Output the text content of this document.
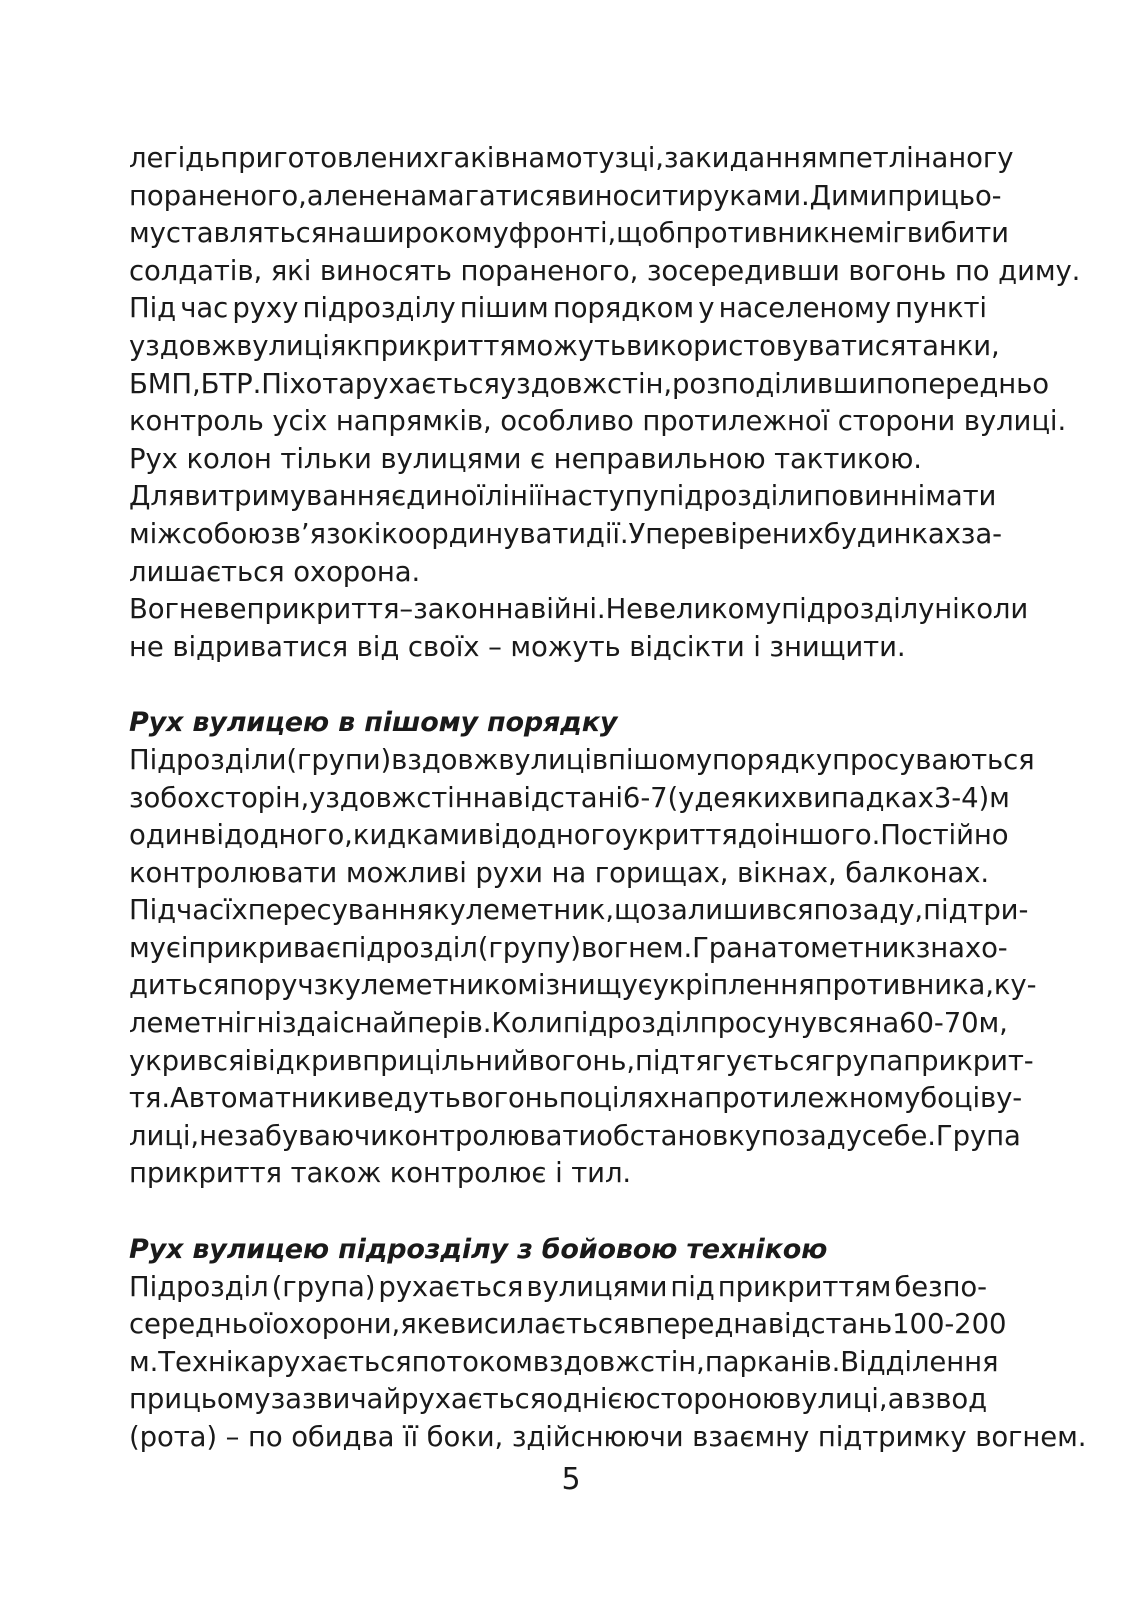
легідь приготовлених гаків на мотузці, закиданням петлі на ногу
пораненого, але не намагатися виносити руками. Дими при цьо-
му ставляться на широкому фронті, щоб противник не міг вибити
солдатів, які виносять пораненого, зосередивши вогонь по диму.

Під час руху підрозділу пішим порядком у населеному пункті
уздовж вулиці як прикриття можуть використовуватися танки,
БМП, БТР. Піхота рухається уздовж стін, розподіливши попередньо
контроль усіх напрямків, особливо протилежної сторони вулиці.

Рух колон тільки вулицями є неправильною тактикою.

Для витримування єдиної лінії наступу підрозділи повинні мати
між собою зв’язок і координувати дії. У перевірених будинках за-
лишається охорона.

Вогневе прикриття – закон на війні. Невеликому підрозділу ніколи
не відриватися від своїх – можуть відсікти і знищити.

Рух вулицею в пішому порядку

Підрозділи (групи) вздовж вулиці в пішому порядку просуваються
з обох сторін, уздовж стін на відстані 6-7 (у деяких випадках 3-4) м
один від одного, кидками від одного укриття до іншого. Постійно
контролювати можливі рухи на горищах, вікнах, балконах.

Під час їх пересування кулеметник, що залишився позаду, підтри-
мує і прикриває підрозділ (групу) вогнем. Гранатометник знахо-
диться поруч з кулеметником і знищує укріплення противника, ку-
леметні гнізда і снайперів. Коли підрозділ просунувся на 60-70 м,
укрився і відкрив прицільний вогонь, підтягується група прикрит-
тя. Автоматники ведуть вогонь по цілях на протилежному боці ву-
лиці, не забуваючи контролювати обстановку позаду себе. Група
прикриття також контролює і тил.

Рух вулицею підрозділу з бойовою технікою

Підрозділ (група) рухається вулицями під прикриттям безпо-
середньої охорони, яке висилається вперед на відстань 100-200
м. Технiка рухається потоком вздовж стін, парканів. Відділення
при цьому зазвичай рухається однією стороною вулиці, а взвод
(рота) – по обидва її боки, здійснюючи взаємну підтримку вогнем.

5
